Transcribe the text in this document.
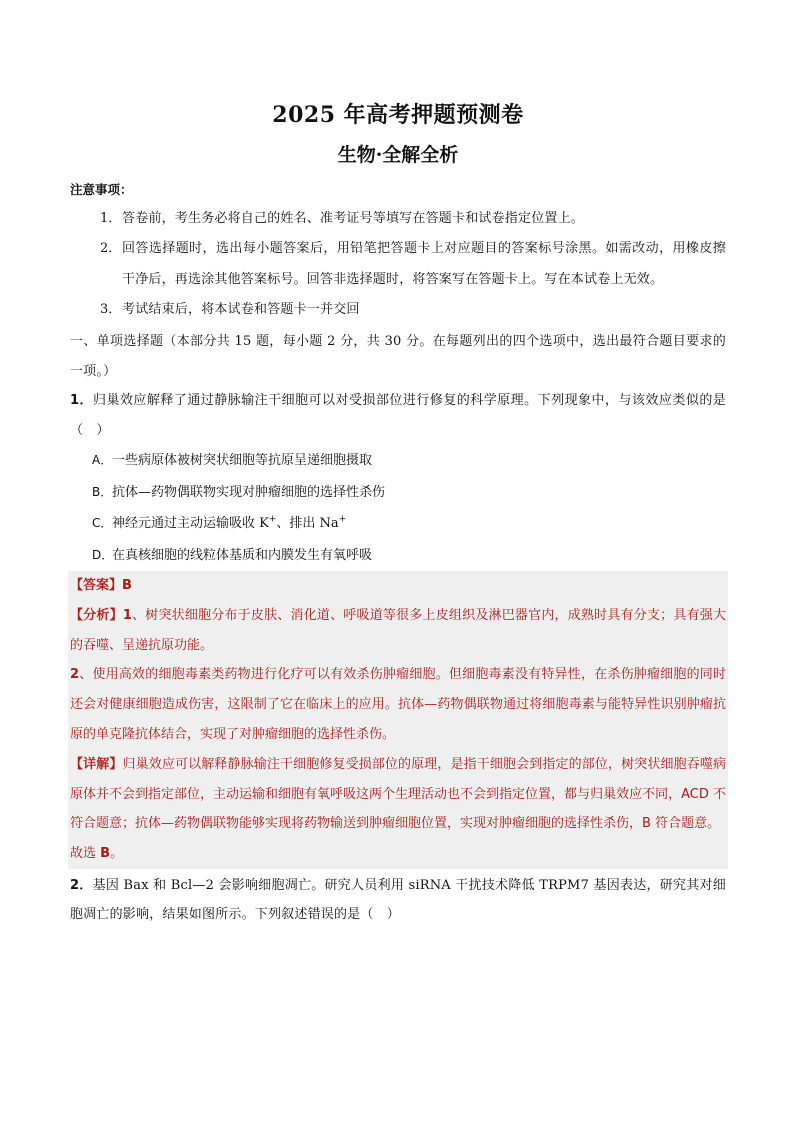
2025 年高考押题预测卷
生物·全解全析
注意事项：
1． 答卷前，考生务必将自己的姓名、准考证号等填写在答题卡和试卷指定位置上。
2． 回答选择题时，选出每小题答案后，用铅笔把答题卡上对应题目的答案标号涂黑。如需改动，用橡皮擦干净后，再选涂其他答案标号。回答非选择题时，将答案写在答题卡上。写在本试卷上无效。
3． 考试结束后，将本试卷和答题卡一并交回
一、单项选择题（本部分共 15 题，每小题 2 分，共 30 分。在每题列出的四个选项中，选出最符合题目要求的一项。）
1．归巢效应解释了通过静脉输注干细胞可以对受损部位进行修复的科学原理。下列现象中，与该效应类似的是（　）
A． 一些病原体被树突状细胞等抗原呈递细胞摄取
B． 抗体—药物偶联物实现对肿瘤细胞的选择性杀伤
C． 神经元通过主动运输吸收 K+、排出 Na+
D．
在真核细胞的线粒体基质和内膜发生有氧呼吸
【答案】B
【分析】1、树突状细胞分布于皮肤、消化道、呼吸道等很多上皮组织及淋巴器官内，成熟时具有分支；具有强大的吞噬、呈递抗原功能。
2、使用高效的细胞毒素类药物进行化疗可以有效杀伤肿瘤细胞。但细胞毒素没有特异性，在杀伤肿瘤细胞的同时还会对健康细胞造成伤害，这限制了它在临床上的应用。抗体—药物偶联物通过将细胞毒素与能特异性识别肿瘤抗原的单克隆抗体结合，实现了对肿瘤细胞的选择性杀伤。
【详解】归巢效应可以解释静脉输注干细胞修复受损部位的原理，是指干细胞会到指定的部位，树突状细胞吞噬病原体并不会到指定部位，主动运输和细胞有氧呼吸这两个生理活动也不会到指定位置，都与归巢效应不同，ACD 不符合题意；抗体—药物偶联物能够实现将药物输送到肿瘤细胞位置，实现对肿瘤细胞的选择性杀伤，B 符合题意。
故选 B。
2．基因 Bax 和 Bcl—2 会影响细胞凋亡。研究人员利用 siRNA 干扰技术降低 TRPM7 基因表达，研究其对细胞凋亡的影响，结果如图所示。下列叙述错误的是（　）
